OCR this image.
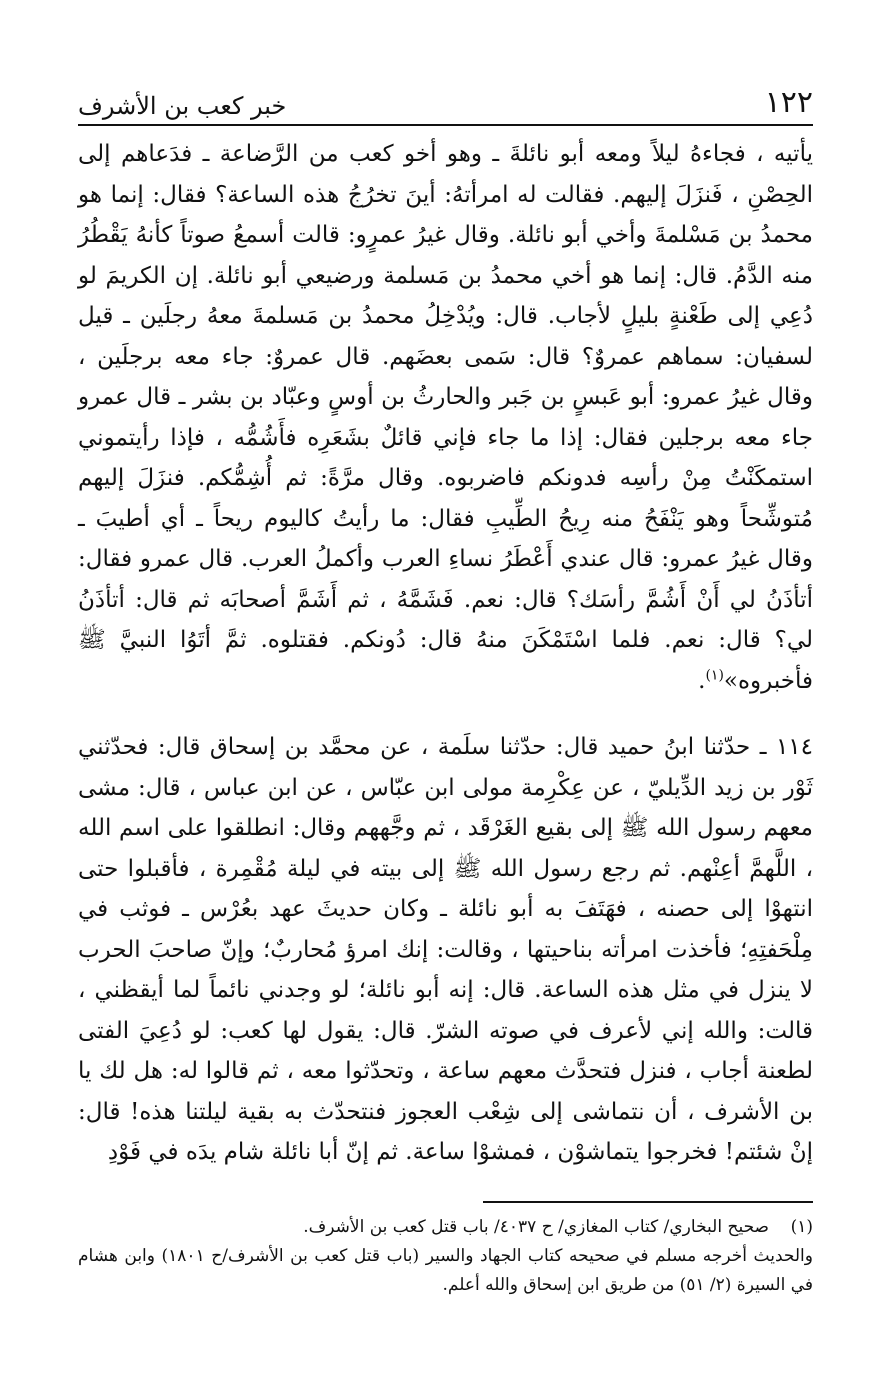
١٢٢
خبر كعب بن الأشرف

يأتيه ، فجاءهُ ليلاً ومعه أبو نائلةَ ـ وهو أخو كعب من الرَّضاعة ـ فدَعاهم إلى الحِصْنِ ، فَنزَلَ إليهم. فقالت له امرأتهُ: أينَ تخرُجُ هذه الساعة؟ فقال: إنما هو محمدُ بن مَسْلمةَ وأخي أبو نائلة. وقال غيرُ عمرٍو: قالت أسمعُ صوتاً كأنهُ يَقْطُرُ منه الدَّمُ. قال: إنما هو أخي محمدُ بن مَسلمة ورضيعي أبو نائلة. إن الكريمَ لو دُعِي إلى طَعْنةٍ بليلٍ لأجاب. قال: ويُدْخِلُ محمدُ بن مَسلمةَ معهُ رجلَين ـ قيل لسفيان: سماهم عمروٌ؟ قال: سَمى بعضَهم. قال عمروٌ: جاء معه برجلَين ، وقال غيرُ عمرو: أبو عَبسٍ بن جَبر والحارثُ بن أوسٍ وعبّاد بن بشر ـ قال عمرو جاء معه برجلين فقال: إذا ما جاء فإني قائلٌ بشَعَرِه فأَشُمُّه ، فإذا رأيتموني استمكَنْتُ مِنْ رأسِه فدونكم فاضربوه. وقال مرَّةً: ثم أُشِمُّكم. فنزَلَ إليهم مُتوشِّحاً وهو يَنْفَحُ منه رِيحُ الطِّيبِ فقال: ما رأيتُ كاليوم ريحاً ـ أي أطيبَ ـ وقال غيرُ عمرو: قال عندي أَعْطَرُ نساءِ العرب وأكملُ العرب. قال عمرو فقال: أتأذَنُ لي أَنْ أَشُمَّ رأسَك؟ قال: نعم. فَشَمَّهُ ، ثم أَشَمَّ أصحابَه ثم قال: أتأذَنُ لي؟ قال: نعم. فلما اسْتَمْكَنَ منهُ قال: دُونكم. فقتلوه. ثمَّ أتَوُا النبيَّ ﷺ فأخبروه»$^{(١)}$.

١١٤ ـ حدّثنا ابنُ حميد قال: حدّثنا سلَمة ، عن محمَّد بن إسحاق قال: فحدّثني ثَوْر بن زيد الدِّيليّ ، عن عِكْرِمة مولى ابن عبّاس ، عن ابن عباس ، قال: مشى معهم رسول الله ﷺ إلى بقيع الغَرْقَد ، ثم وجَّههم وقال: انطلقوا على اسم الله ، اللَّهمَّ أعِنْهم. ثم رجع رسول الله ﷺ إلى بيته في ليلة مُقْمِرة ، فأقبلوا حتى انتهوْا إلى حصنه ، فهَتَفَ به أبو نائلة ـ وكان حديثَ عهد بعُرْس ـ فوثب في مِلْحَفتِهِ؛ فأخذت امرأته بناحيتها ، وقالت: إنك امرؤ مُحاربٌ؛ وإنّ صاحبَ الحرب لا ينزل في مثل هذه الساعة. قال: إنه أبو نائلة؛ لو وجدني نائماً لما أيقظني ، قالت: والله إني لأعرف في صوته الشرّ. قال: يقول لها كعب: لو دُعِيَ الفتى لطعنة أجاب ، فنزل فتحدَّث معهم ساعة ، وتحدّثوا معه ، ثم قالوا له: هل لك يا بن الأشرف ، أن نتماشى إلى شِعْب العجوز فنتحدّث به بقية ليلتنا هذه! قال: إنْ شئتم! فخرجوا يتماشوْن ، فمشوْا ساعة. ثم إنّ أبا نائلة شام يدَه في فَوْدِ

(١)صحيح البخاري/ كتاب المغازي/ ح ٤٠٣٧/ باب قتل كعب بن الأشرف.

والحديث أخرجه مسلم في صحيحه كتاب الجهاد والسير (باب قتل كعب بن الأشرف/ح ١٨٠١) وابن هشام في السيرة (٢/ ٥١) من طريق ابن إسحاق والله أعلم.
